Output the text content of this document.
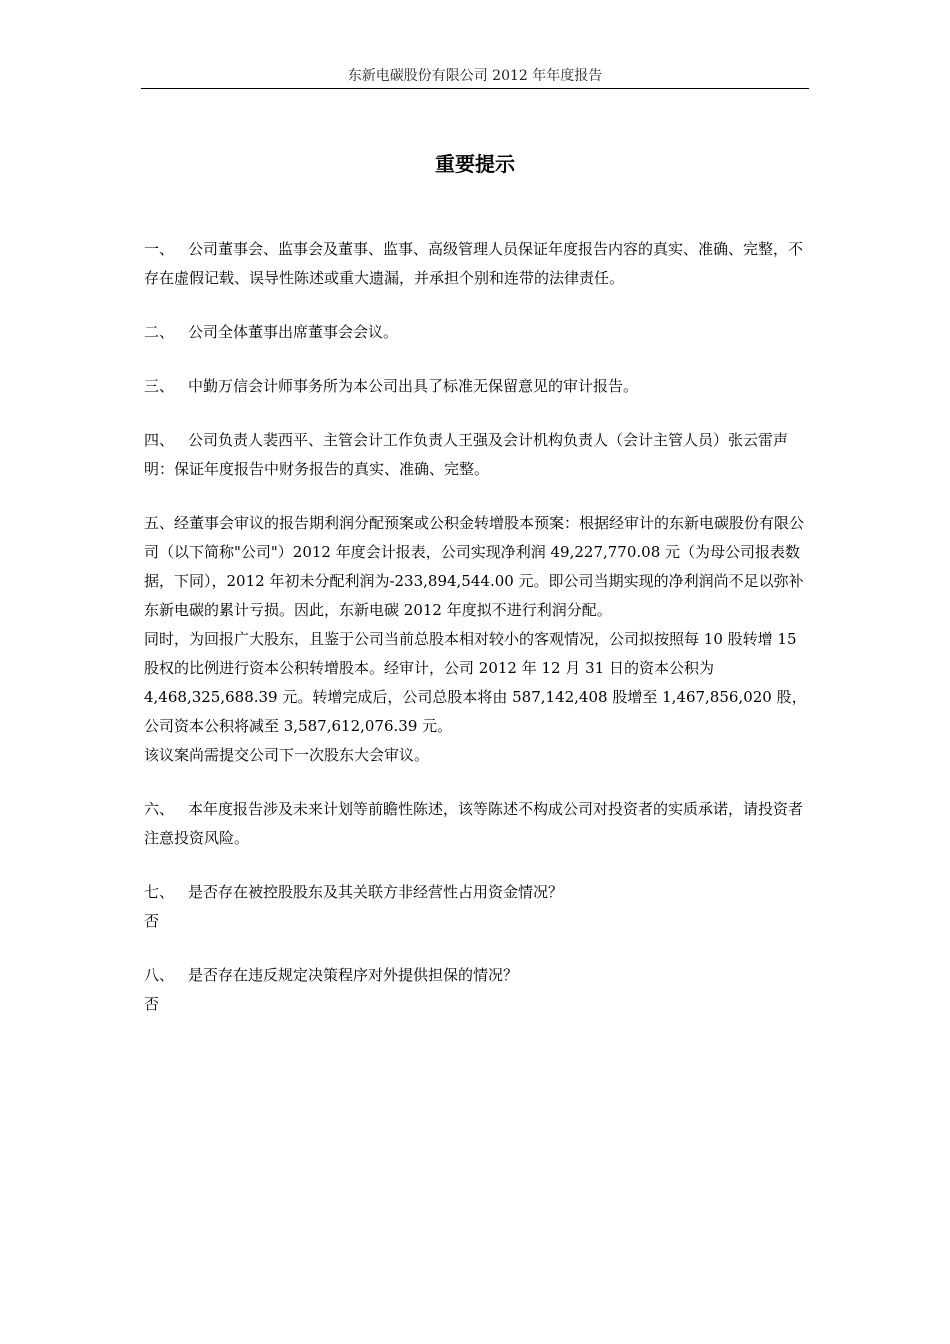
东新电碳股份有限公司 2012 年年度报告
重要提示

一、 公司董事会、监事会及董事、监事、高级管理人员保证年度报告内容的真实、准确、完整，不存在虚假记载、误导性陈述或重大遗漏，并承担个别和连带的法律责任。

二、 公司全体董事出席董事会会议。

三、 中勤万信会计师事务所为本公司出具了标准无保留意见的审计报告。

四、 公司负责人裴西平、主管会计工作负责人王强及会计机构负责人（会计主管人员）张云雷声明：保证年度报告中财务报告的真实、准确、完整。

五、经董事会审议的报告期利润分配预案或公积金转增股本预案：根据经审计的东新电碳股份有限公司（以下简称"公司"）2012 年度会计报表，公司实现净利润 49,227,770.08 元（为母公司报表数据，下同），2012 年初未分配利润为-233,894,544.00 元。即公司当期实现的净利润尚不足以弥补东新电碳的累计亏损。因此，东新电碳 2012 年度拟不进行利润分配。

同时，为回报广大股东，且鉴于公司当前总股本相对较小的客观情况，公司拟按照每 10 股转增 15 股权的比例进行资本公积转增股本。经审计，公司 2012 年 12 月 31 日的资本公积为 4,468,325,688.39 元。转增完成后，公司总股本将由 587,142,408 股增至 1,467,856,020 股，公司资本公积将减至 3,587,612,076.39 元。

该议案尚需提交公司下一次股东大会审议。

六、 本年度报告涉及未来计划等前瞻性陈述，该等陈述不构成公司对投资者的实质承诺，请投资者注意投资风险。

七、 是否存在被控股股东及其关联方非经营性占用资金情况？

否

八、 是否存在违反规定决策程序对外提供担保的情况？

否
